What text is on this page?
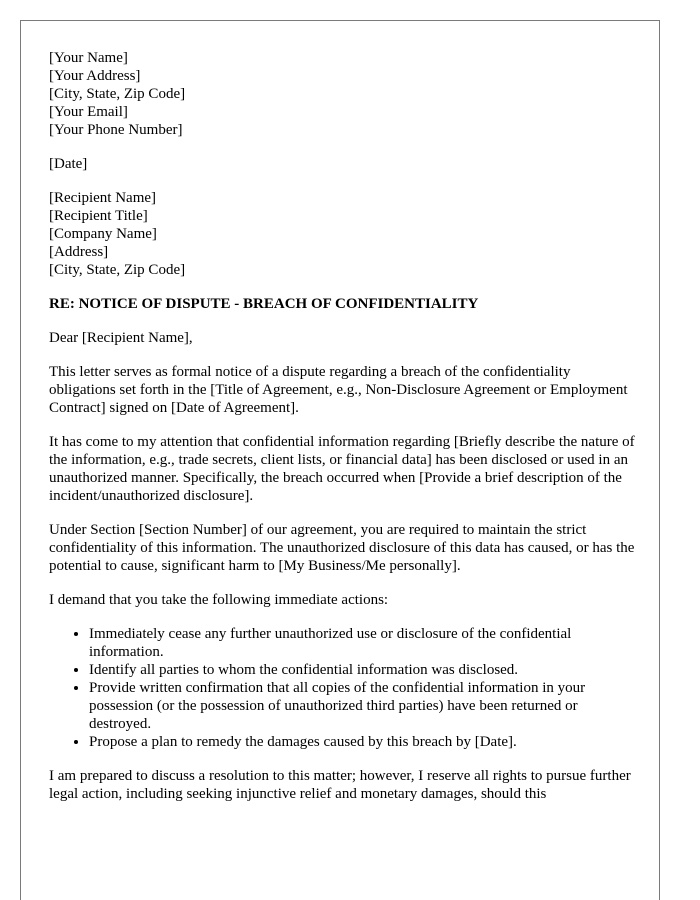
[Your Name]
[Your Address]
[City, State, Zip Code]
[Your Email]
[Your Phone Number]
[Date]
[Recipient Name]
[Recipient Title]
[Company Name]
[Address]
[City, State, Zip Code]
RE: NOTICE OF DISPUTE - BREACH OF CONFIDENTIALITY

Dear [Recipient Name],

This letter serves as formal notice of a dispute regarding a breach of the confidentiality obligations set forth in the [Title of Agreement, e.g., Non-Disclosure Agreement or Employment Contract] signed on [Date of Agreement].

It has come to my attention that confidential information regarding [Briefly describe the nature of the information, e.g., trade secrets, client lists, or financial data] has been disclosed or used in an unauthorized manner. Specifically, the breach occurred when [Provide a brief description of the incident/unauthorized disclosure].

Under Section [Section Number] of our agreement, you are required to maintain the strict confidentiality of this information. The unauthorized disclosure of this data has caused, or has the potential to cause, significant harm to [My Business/Me personally].

I demand that you take the following immediate actions:

• Immediately cease any further unauthorized use or disclosure of the confidential information.
• Identify all parties to whom the confidential information was disclosed.
• Provide written confirmation that all copies of the confidential information in your possession (or the possession of unauthorized third parties) have been returned or destroyed.
• Propose a plan to remedy the damages caused by this breach by [Date].

I am prepared to discuss a resolution to this matter; however, I reserve all rights to pursue further legal action, including seeking injunctive relief and monetary damages, should this
